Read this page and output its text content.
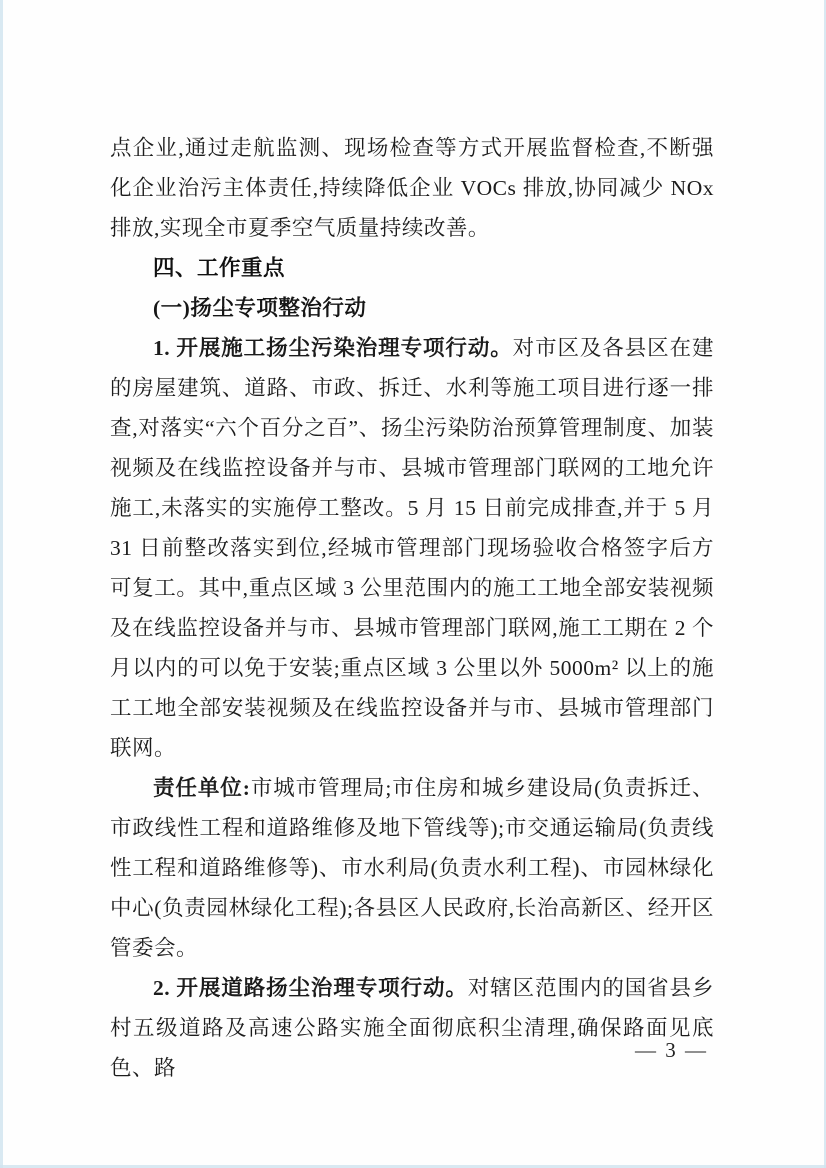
点企业,通过走航监测、现场检查等方式开展监督检查,不断强化企业治污主体责任,持续降低企业 VOCs 排放,协同减少 NOx 排放,实现全市夏季空气质量持续改善。

四、工作重点

(一)扬尘专项整治行动

1. 开展施工扬尘污染治理专项行动。对市区及各县区在建的房屋建筑、道路、市政、拆迁、水利等施工项目进行逐一排查,对落实“六个百分之百”、扬尘污染防治预算管理制度、加装视频及在线监控设备并与市、县城市管理部门联网的工地允许施工,未落实的实施停工整改。5 月 15 日前完成排查,并于 5 月 31 日前整改落实到位,经城市管理部门现场验收合格签字后方可复工。其中,重点区域 3 公里范围内的施工工地全部安装视频及在线监控设备并与市、县城市管理部门联网,施工工期在 2 个月以内的可以免于安装;重点区域 3 公里以外 5000m² 以上的施工工地全部安装视频及在线监控设备并与市、县城市管理部门联网。

责任单位:市城市管理局;市住房和城乡建设局(负责拆迁、市政线性工程和道路维修及地下管线等);市交通运输局(负责线性工程和道路维修等)、市水利局(负责水利工程)、市园林绿化中心(负责园林绿化工程);各县区人民政府,长治高新区、经开区管委会。

2. 开展道路扬尘治理专项行动。对辖区范围内的国省县乡村五级道路及高速公路实施全面彻底积尘清理,确保路面见底色、路

— 3 —
